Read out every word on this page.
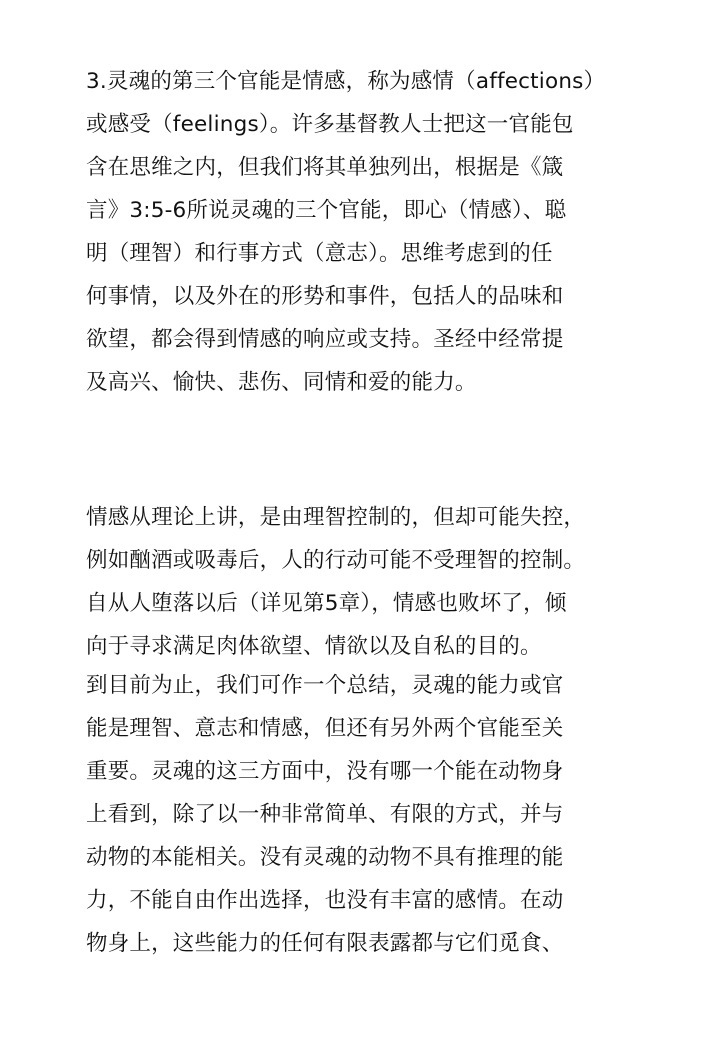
3.灵魂的第三个官能是情感，称为感情（affections）
或感受（feelings）。许多基督教人士把这一官能包
含在思维之内，但我们将其单独列出，根据是《箴
言》3:5-6所说灵魂的三个官能，即心（情感）、聪
明（理智）和行事方式（意志）。思维考虑到的任
何事情，以及外在的形势和事件，包括人的品味和
欲望，都会得到情感的响应或支持。圣经中经常提
及高兴、愉快、悲伤、同情和爱的能力。
情感从理论上讲，是由理智控制的，但却可能失控，
例如酗酒或吸毒后，人的行动可能不受理智的控制。
自从人堕落以后（详见第5章），情感也败坏了，倾
向于寻求满足肉体欲望、情欲以及自私的目的。
到目前为止，我们可作一个总结，灵魂的能力或官
能是理智、意志和情感，但还有另外两个官能至关
重要。灵魂的这三方面中，没有哪一个能在动物身
上看到，除了以一种非常简单、有限的方式，并与
动物的本能相关。没有灵魂的动物不具有推理的能
力，不能自由作出选择，也没有丰富的感情。在动
物身上，这些能力的任何有限表露都与它们觅食、
